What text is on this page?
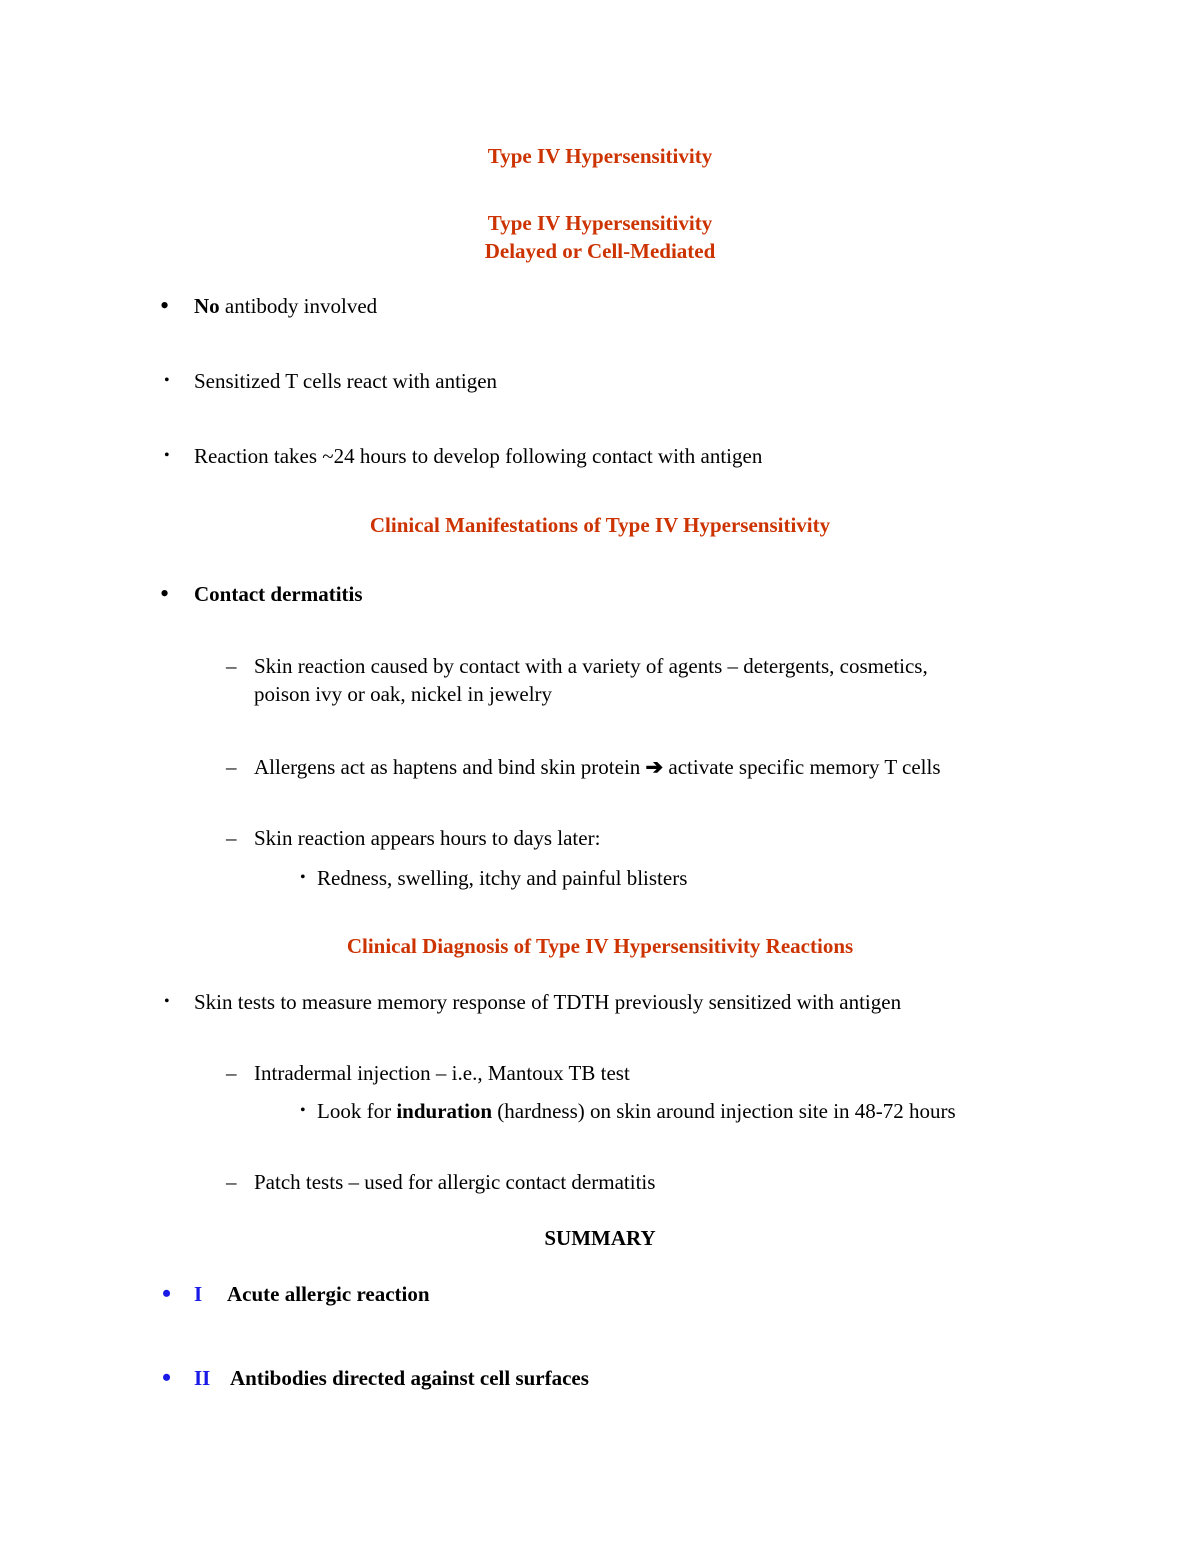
Type IV Hypersensitivity
Type IV Hypersensitivity
Delayed or Cell-Mediated
• No antibody involved
• Sensitized T cells react with antigen
• Reaction takes ~24 hours to develop following contact with antigen
Clinical Manifestations of Type IV Hypersensitivity
• Contact dermatitis
– Skin reaction caused by contact with a variety of agents – detergents, cosmetics,
poison ivy or oak, nickel in jewelry
– Allergens act as haptens and bind skin protein ➔ activate specific memory T cells
– Skin reaction appears hours to days later:
• Redness, swelling, itchy and painful blisters
Clinical Diagnosis of Type IV Hypersensitivity Reactions
• Skin tests to measure memory response of TDTH previously sensitized with antigen
– Intradermal injection – i.e., Mantoux TB test
• Look for induration (hardness) on skin around injection site in 48-72 hours
– Patch tests – used for allergic contact dermatitis
SUMMARY
• I Acute allergic reaction
• II Antibodies directed against cell surfaces
